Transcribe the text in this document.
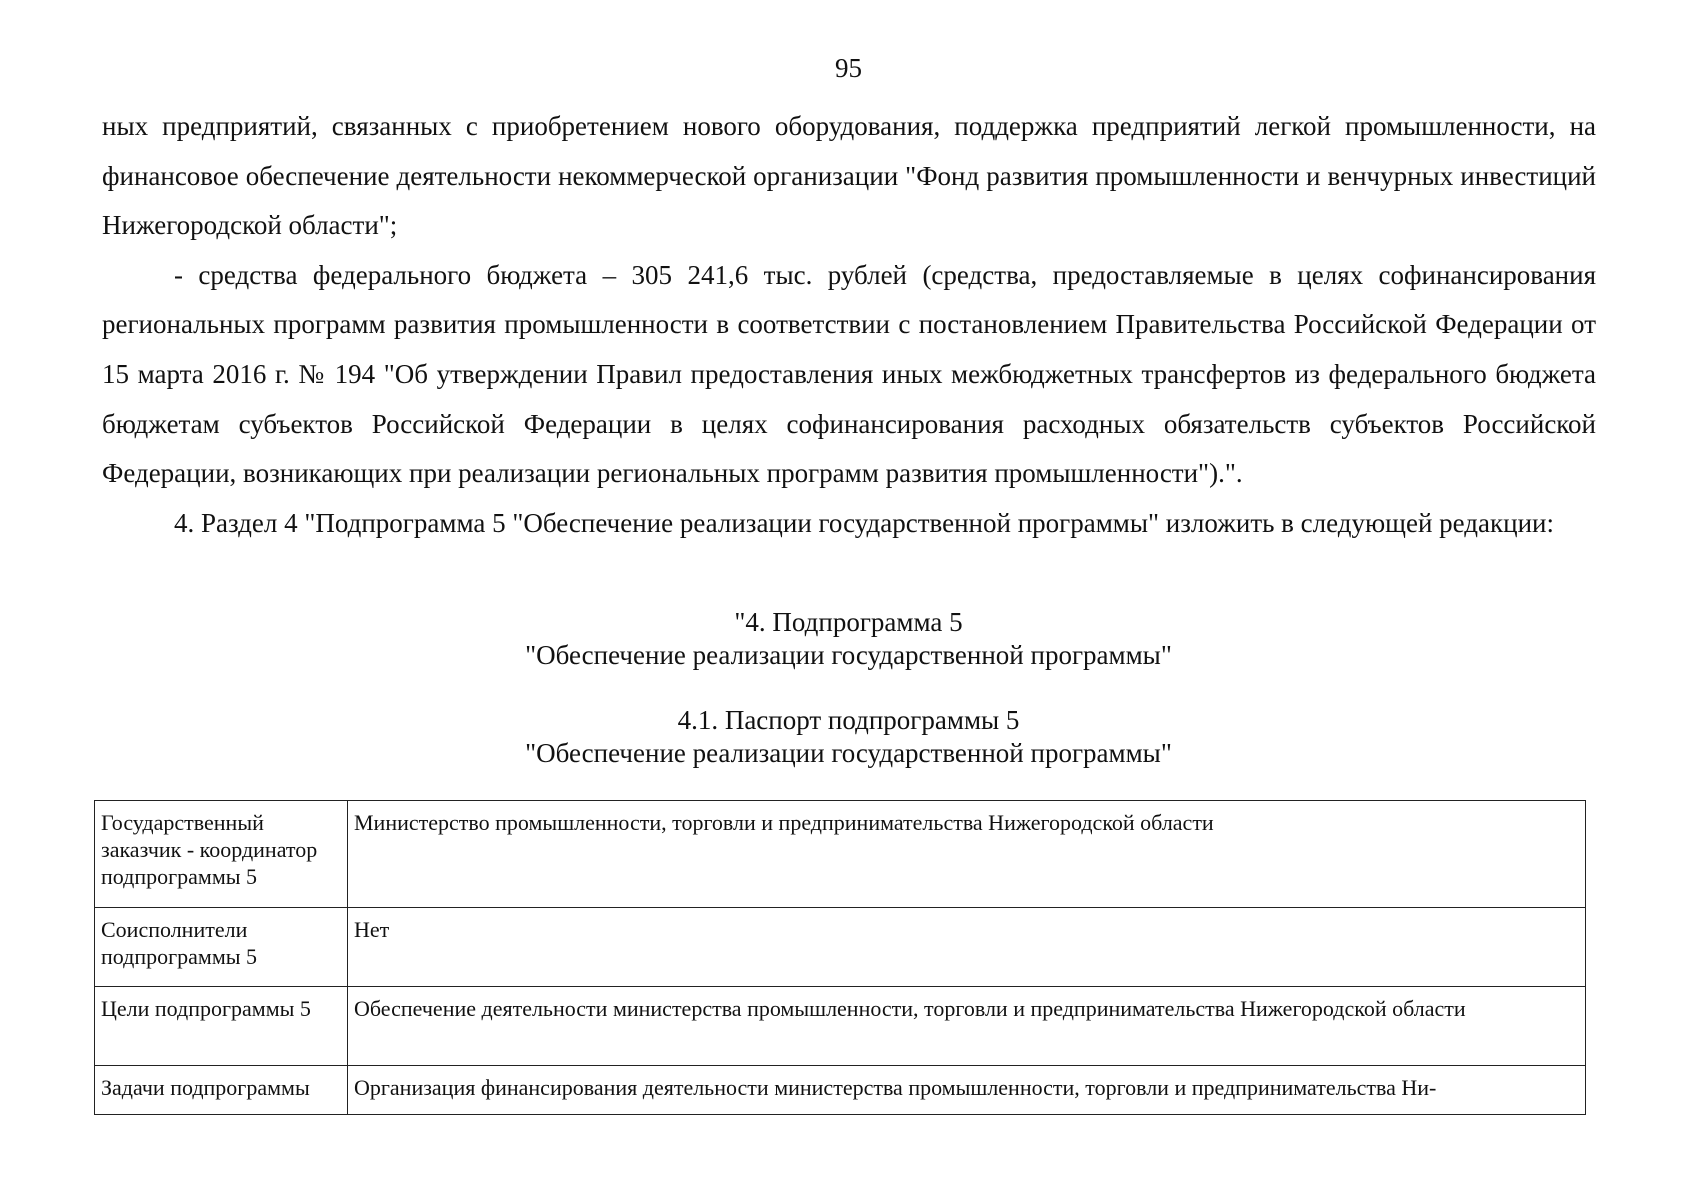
95

ных предприятий, связанных с приобретением нового оборудования, поддержка предприятий легкой промышленности, на финансовое обеспечение деятельности некоммерческой организации "Фонд развития промышленности и венчурных инвестиций Нижегородской области";

- средства федерального бюджета – 305 241,6 тыс. рублей (средства, предоставляемые в целях софинансирования региональных программ развития промышленности в соответствии с постановлением Правительства Российской Федерации от 15 марта 2016 г. № 194 "Об утверждении Правил предоставления иных межбюджетных трансфертов из федерального бюджета бюджетам субъектов Российской Федерации в целях софинансирования расходных обязательств субъектов Российской Федерации, возникающих при реализации региональных программ развития промышленности").".

4. Раздел 4 "Подпрограмма 5 "Обеспечение реализации государственной программы" изложить в следующей редакции:

"4. Подпрограмма 5
"Обеспечение реализации государственной программы"
4.1. Паспорт подпрограммы 5
"Обеспечение реализации государственной программы"
Государственный заказчик - координатор подпрограммы 5	Министерство промышленности, торговли и предпринимательства Нижегородской области
Соисполнители подпрограммы 5	Нет
Цели подпрограммы 5	Обеспечение деятельности министерства промышленности, торговли и предпринимательства Нижегородской области
Задачи подпрограммы	Организация финансирования деятельности министерства промышленности, торговли и предпринимательства Ни-
